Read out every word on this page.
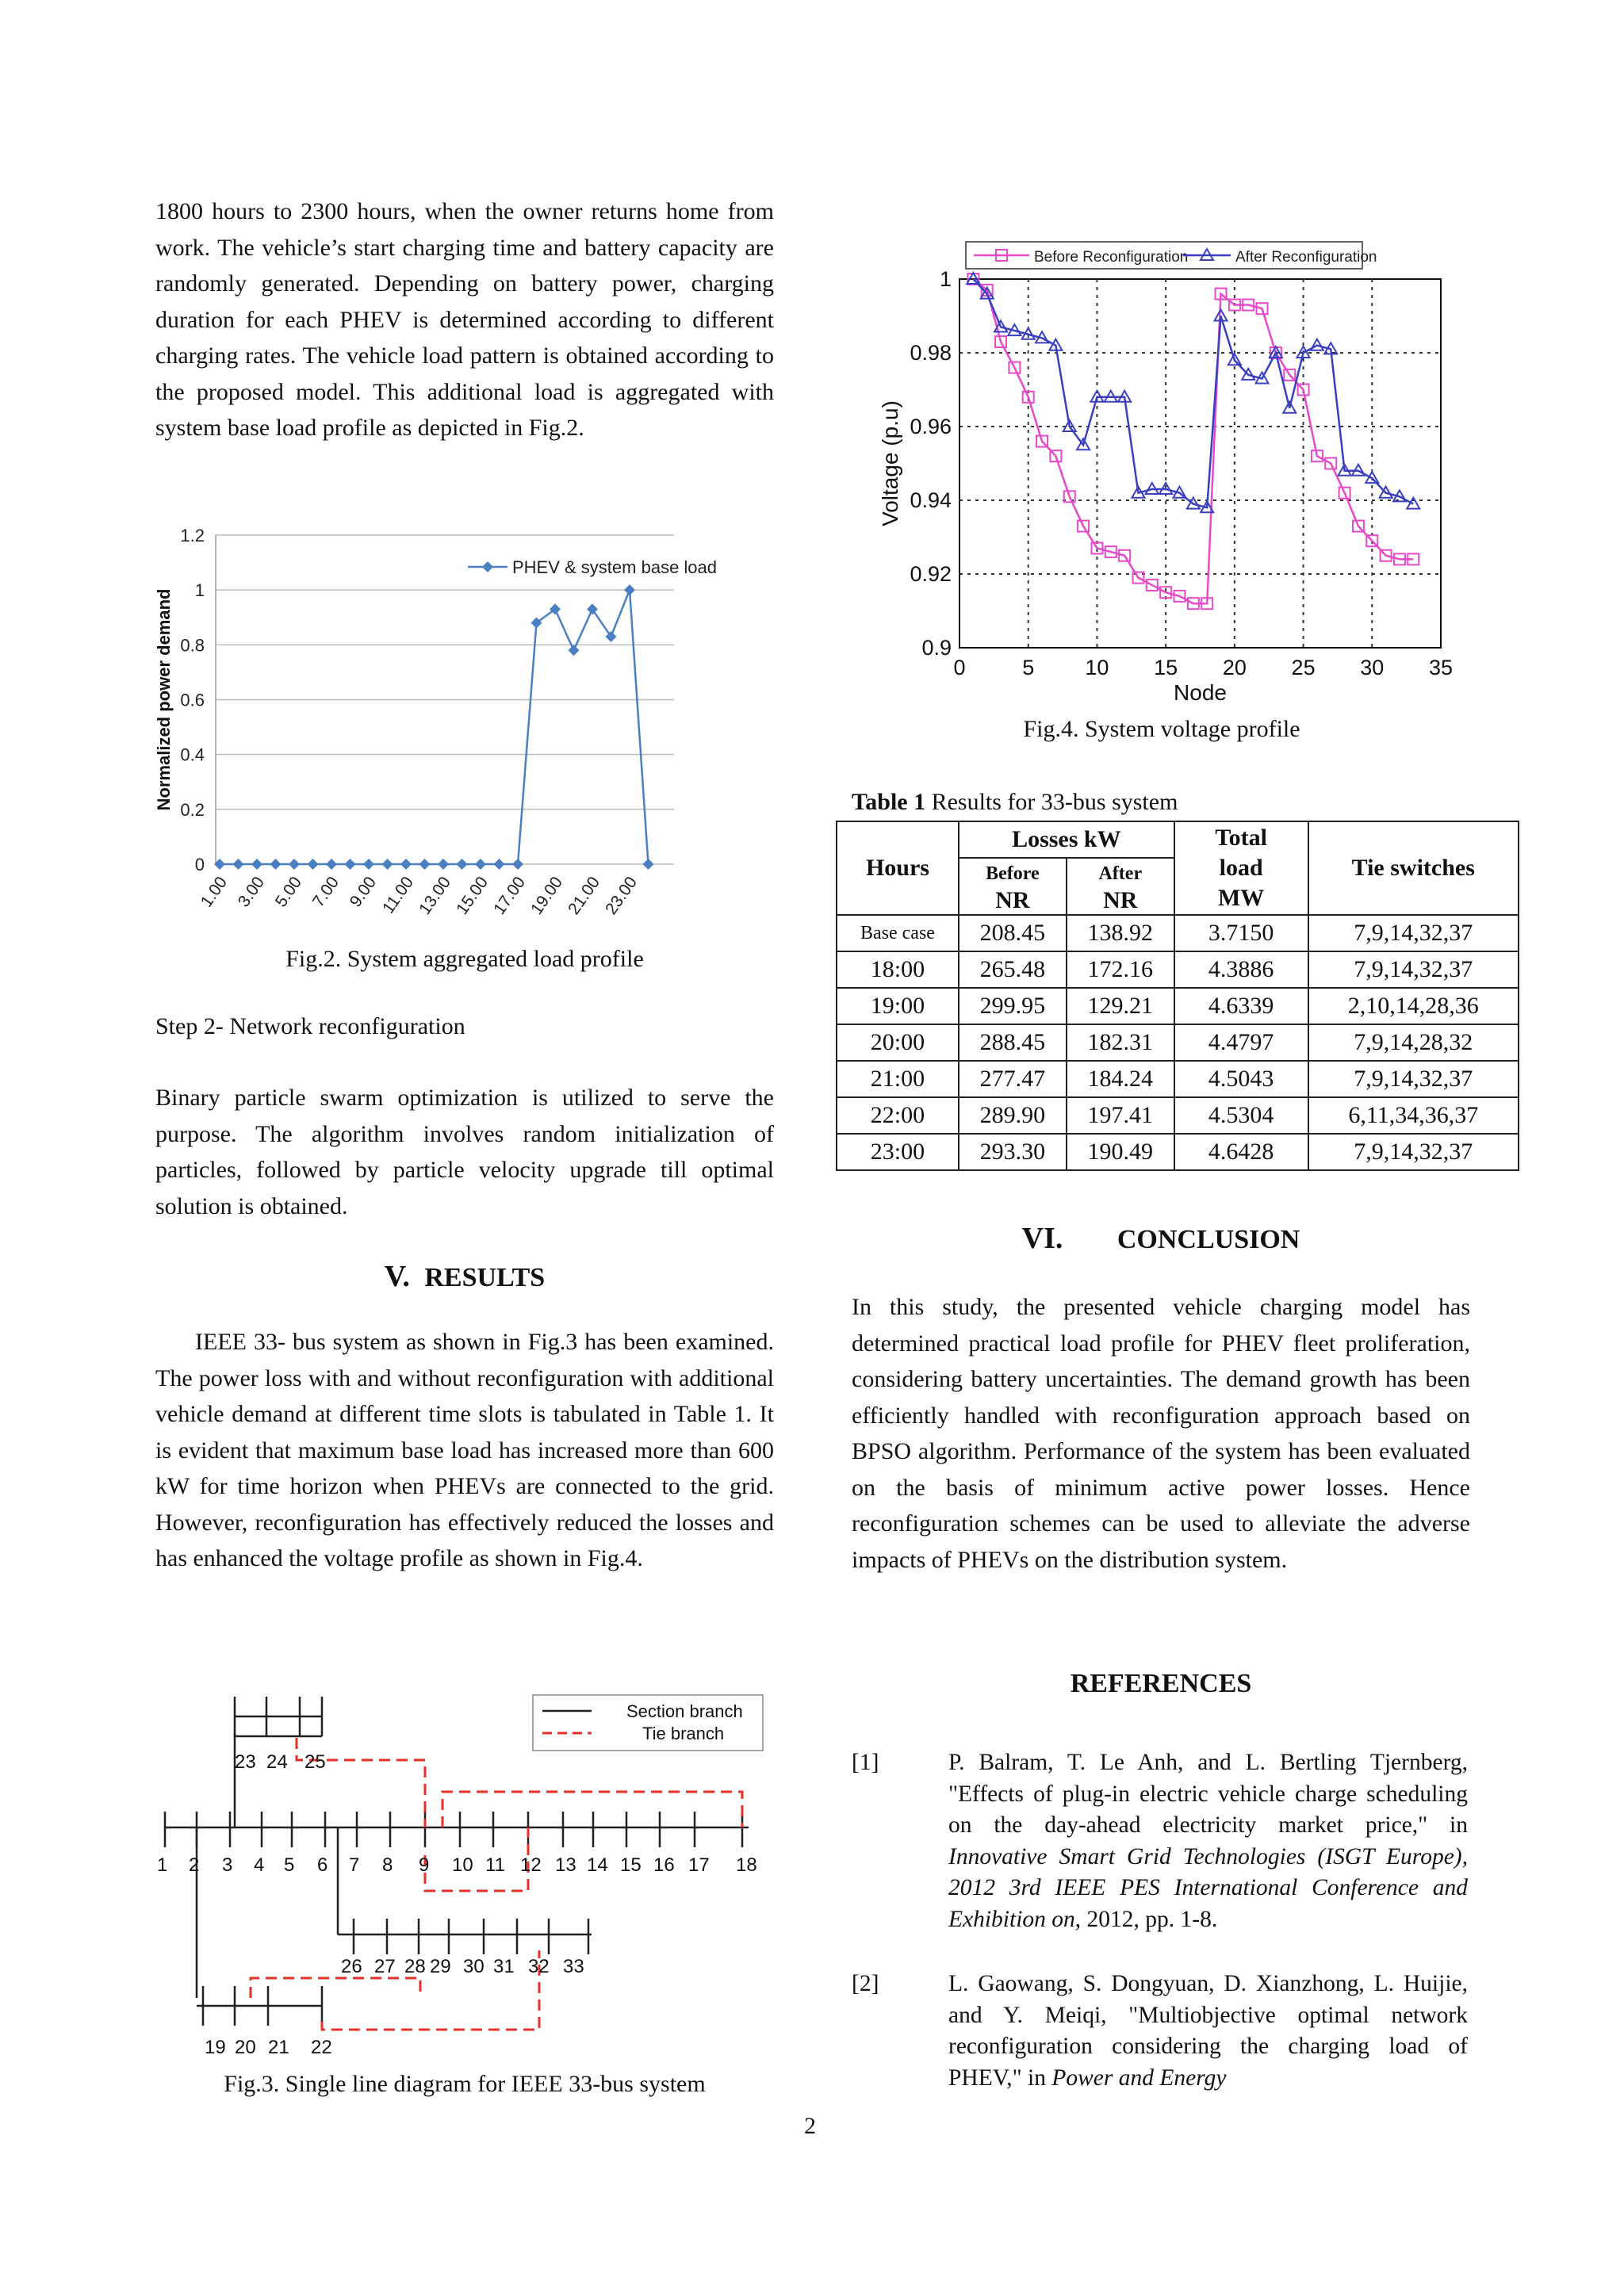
1800 hours to 2300 hours, when the owner returns home from work. The vehicle’s start charging time and battery capacity are randomly generated. Depending on battery power, charging duration for each PHEV is determined according to different charging rates. The vehicle load pattern is obtained according to the proposed model. This additional load is aggregated with system base load profile as depicted in Fig.2.

0
0.2
0.4
0.6
0.8
1
1.2
Normalized power demand
1.00 3.00 5.00 7.00 9.00
11.00
13.00
15.00
17.00
19.00
21.00
23.00
PHEV & system base load
Fig.2. System aggregated load profile

Step 2- Network reconfiguration

Binary particle swarm optimization is utilized to serve the purpose. The algorithm involves random initialization of particles, followed by particle velocity upgrade till optimal solution is obtained.

V. RESULTS

IEEE 33- bus system as shown in Fig.3 has been examined. The power loss with and without reconfiguration with additional vehicle demand at different time slots is tabulated in Table 1. It is evident that maximum base load has increased more than 600 kW for time horizon when PHEVs are connected to the grid. However, reconfiguration has effectively reduced the losses and has enhanced the voltage profile as shown in Fig.4.

Section branch
Tie branch
1 2 3 4 5 6 7 8 9 10 11 12 13 14 15 16 17 18
23 24 25
26 27 28 29 30 31 32 33
19 20 21 22
Fig.3. Single line diagram for IEEE 33-bus system
0	5 10 15 20 25 30 35
0.9
0.92
0.94
0.96
0.98
1
Node
Voltage (p.u)
Before Reconfiguration	After Reconfiguration
Fig.4. System voltage profile
Table 1 Results for 33-bus system
Hours	Losses kW		Total
load
MW	Tie switches
	Before
NR	After
NR		
Base case	208.45	138.92	3.7150	7,9,14,32,37
18:00	265.48	172.16	4.3886	7,9,14,32,37
19:00	299.95	129.21	4.6339	2,10,14,28,36
20:00	288.45	182.31	4.4797	7,9,14,28,32
21:00	277.47	184.24	4.5043	7,9,14,32,37
22:00	289.90	197.41	4.5304	6,11,34,36,37
23:00	293.30	190.49	4.6428	7,9,14,32,37
VI. CONCLUSION

In this study, the presented vehicle charging model has determined practical load profile for PHEV fleet proliferation, considering battery uncertainties. The demand growth has been efficiently handled with reconfiguration approach based on BPSO algorithm. Performance of the system has been evaluated on the basis of minimum active power losses. Hence reconfiguration schemes can be used to alleviate the adverse impacts of PHEVs on the distribution system.

REFERENCES
[1]	P. Balram, T. Le Anh, and L. Bertling Tjernberg, "Effects of plug-in electric vehicle charge scheduling on the day-ahead electricity market price," in Innovative Smart Grid Technologies (ISGT Europe), 2012 3rd IEEE PES International Conference and Exhibition on, 2012, pp. 1-8.
[2]	L. Gaowang, S. Dongyuan, D. Xianzhong, L. Huijie, and Y. Meiqi, "Multiobjective optimal network reconfiguration considering the charging load of PHEV," in Power and Energy
2
